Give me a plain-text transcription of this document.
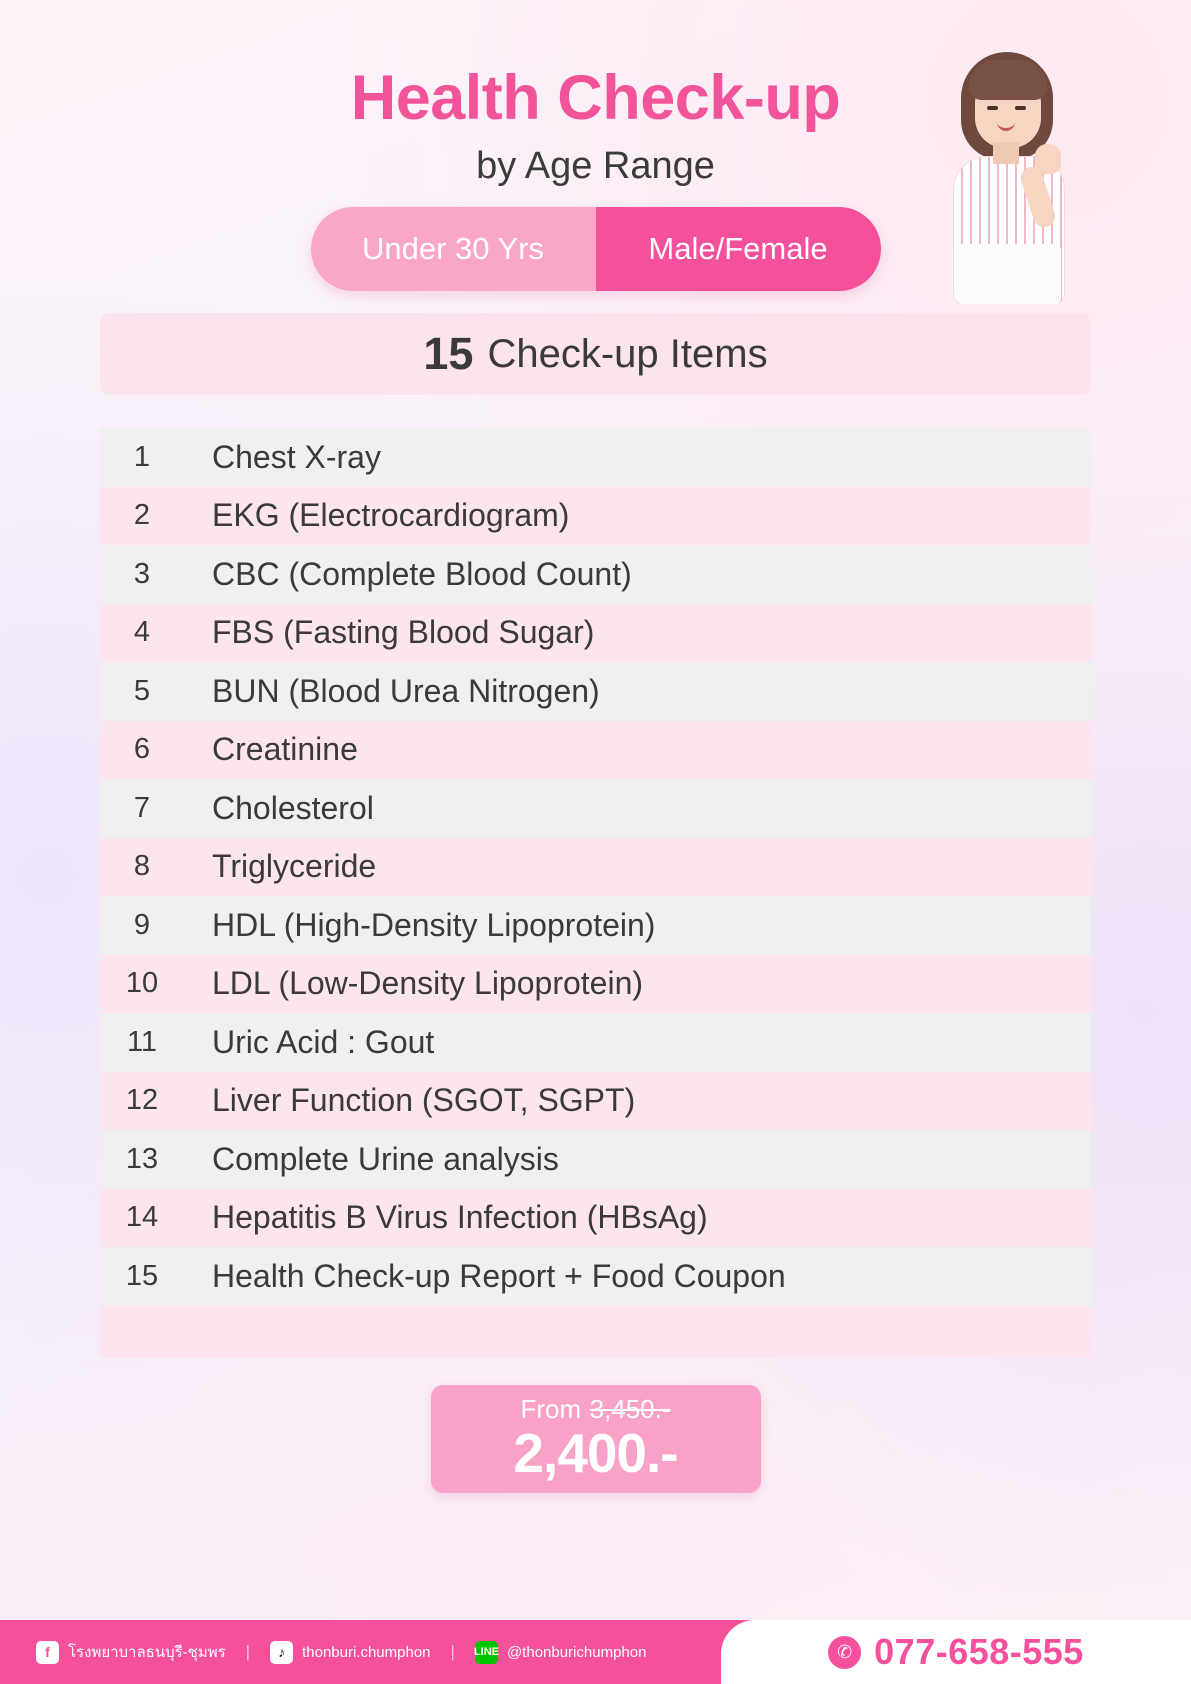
Health Check-up
by Age Range
Under 30 Yrs	Male/Female
15 Check-up Items
1	Chest X-ray
2	EKG (Electrocardiogram)
3	CBC (Complete Blood Count)
4	FBS (Fasting Blood Sugar)
5	BUN (Blood Urea Nitrogen)
6	Creatinine
7	Cholesterol
8	Triglyceride
9	HDL (High-Density Lipoprotein)
10	LDL (Low-Density Lipoprotein)
11	Uric Acid : Gout
12	Liver Function (SGOT, SGPT)
13	Complete Urine analysis
14	Hepatitis B Virus Infection (HBsAg)
15	Health Check-up Report + Food Coupon
From 3,450.-
2,400.-
f	โรงพยาบาลธนบุรี-ชุมพร |	♪	thonburi.chumphon | LINE @thonburichumphon	✆ 077-658-555
